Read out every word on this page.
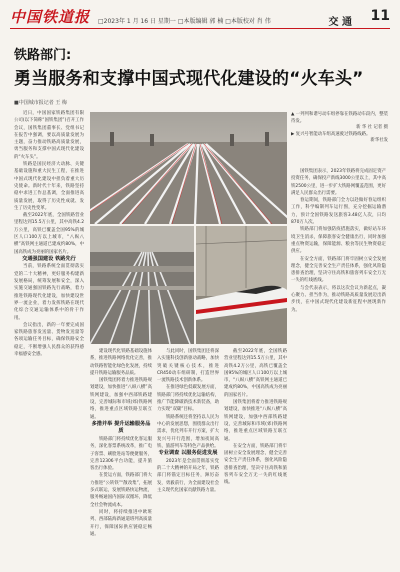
中国铁道报 □2023年 1 月 16 日 星期一 □本版编辑 郭 楠 □本版校对 肖 伟	交 通 11
铁路部门:
勇当服务和支撑中国式现代化建设的“火车头”
■中国城市报记者 王 梅

近日，中国国家铁路集团有限公司(以下简称“国铁集团”)召开工作会议，国铁集团董事长、党组书记在报告中强调，要以高质量发展为主题，奋力推动铁路高质量发展，勇当服务和支撑中国式现代化建设的“火车头”。

铁路是国民经济大动脉、关键基础设施和重大民生工程，在推进中国式现代化建设中担负着重大历史使命。新时代十年来，铁路坚持稳中求进工作总基调，全面推进高质量发展，取得了历史性成就、发生了历史性变革。

截至2022年底，全国铁路营业里程达到15.5万公里，其中高铁4.2万公里，高铁已覆盖全国95%的城区人口100万以上城市，“八纵八横”高铁网主通道已建成约80%，中国高铁成为亮丽的国家名片。

交通强国建设 铁路先行

当前，铁路系统全面贯彻落实党的二十大精神，更好服务构建新发展格局，统筹发展和安全，深入实施交通强国铁路先行战略，着力推进铁路现代化建设，加快建设世界一流企业，着力发挥铁路在现代化综合交通运输体系中的骨干作用。

会议指出，新的一年要完成国家铁路旅客发送量、货物发送量等各项运输任务目标，确保铁路安全稳定，不断增强人民群众的获得感幸福感安全感。

▲ 一列列和谐号动车组停靠在铁路动车段内，整装待发。

新 华 社 记者 摄

▶ 复兴号智能动车组高速驶过铁路线路。

新华社发

建设现代化铁路基础设施体系，推进铁路网络优化完善，推动铁路智能化绿色化发展，持续提升铁路运输服务品质。

国铁集团将着力推进铁路规划建设，加快推进“八纵八横”高铁网建设，加强中西部铁路建设，完善城际和市域(郊)铁路网络，推进重点区域铁路互联互通。

多措并举 提升运输服务品质

铁路部门将持续优化客运服务，深化客票系统改革，推广电子客票、刷脸进站等便捷服务，完善12306平台功能，提升旅客出行体验。

在货运方面，铁路部门将大力推进“公转铁”“散改集”，拓展多式联运，发展铁路快运物流，服务畅通国内国际双循环，降低全社会物流成本。

同时，将持续推进中欧班列、西部陆海新通道班列高质量开行，保障国际供应链稳定畅通。

与此同时，国铁集团还将深入实施科技创新驱动战略，加快突破关键核心技术，推进CR450动车组研制，打造世界一流铁路技术创新体系。

在推进绿色低碳发展方面，铁路部门将持续优化运输结构，推广节能降碳新技术新装备，助力实现“双碳”目标。

铁路系统还将坚持以人民为中心的发展思想，围绕群众出行需求，优化列车开行方案，扩大复兴号开行范围，增加夜间高铁、旅游列车等特色产品供给。

专业调查 以服务促进发展

2023年是全面贯彻落实党的二十大精神的开局之年，铁路部门将锚定目标任务，踔厉奋发，勇毅前行，为全面建设社会主义现代化国家贡献铁路力量。

国铁集团表示，2023年铁路将完成固定资产投资任务，确保投产新线3000公里以上，其中高铁2500公里，进一步扩大铁路网覆盖范围，更好满足人民群众出行需要。

春运期间，铁路部门全力以赴做好春运组织工作，科学编制列车运行图，充分挖掘运输潜力，预计全国铁路发送旅客3.48亿人次，日均870万人次。

铁路部门将加强防疫措施落实，做好站车环境卫生消杀，保障旅客安全健康出行，同时加强重点物资运输，保障能源、粮食等民生物资稳定供应。

在安全方面，铁路部门将牢固树立安全发展理念，健全完善安全生产责任体系，强化风险隐患排查治理，坚决守住高铁和旅客列车安全万无一失的红线底线。

与会代表表示，将以这次会议为新起点，凝心聚力、担当作为，推动铁路高质量发展迈出新步伐，在中国式现代化建设新征程中展现新作为。

截至2022年底，全国铁路营业里程达到15.5万公里，其中高铁4.2万公里，高铁已覆盖全国95%的城区人口100万以上城市，“八纵八横”高铁网主通道已建成约80%，中国高铁成为亮丽的国家名片。

国铁集团将着力推进铁路规划建设，加快推进“八纵八横”高铁网建设，加强中西部铁路建设，完善城际和市域(郊)铁路网络，推进重点区域铁路互联互通。

在安全方面，铁路部门将牢固树立安全发展理念，健全完善安全生产责任体系，强化风险隐患排查治理，坚决守住高铁和旅客列车安全万无一失的红线底线。
